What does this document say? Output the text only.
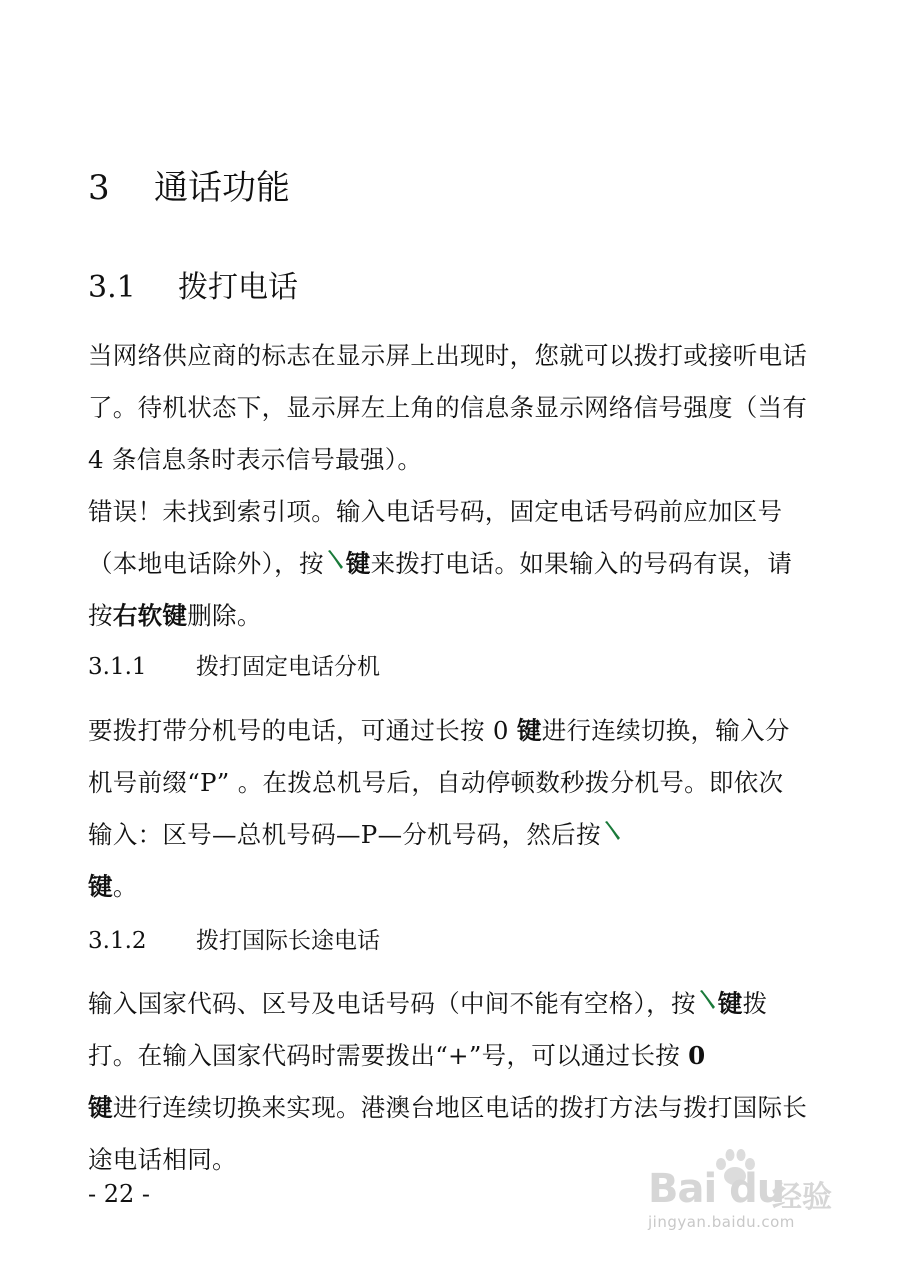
3 通话功能
3.1 拨打电话

当网络供应商的标志在显示屏上出现时，您就可以拨打或接听电话了。待机状态下，显示屏左上角的信息条显示网络信号强度（当有 4 条信息条时表示信号最强）。

错误！未找到索引项。输入电话号码，固定电话号码前应加区号（本地电话除外），按 键来拨打电话。如果输入的号码有误，请按右软键删除。

3.1.1 拨打固定电话分机

要拨打带分机号的电话，可通过长按 0 键进行连续切换，输入分机号前缀“P” 。在拨总机号后，自动停顿数秒拨分机号。即依次输入：区号—总机号码—P—分机号码，然后按
键。

3.1.2 拨打国际长途电话

输入国家代码、区号及电话号码（中间不能有空格），按 键拨打。在输入国家代码时需要拨出“+”号，可以通过长按 0
键进行连续切换来实现。港澳台地区电话的拨打方法与拨打国际长途电话相同。

- 22 -	Bai du
经验
jingyan.baidu.com
